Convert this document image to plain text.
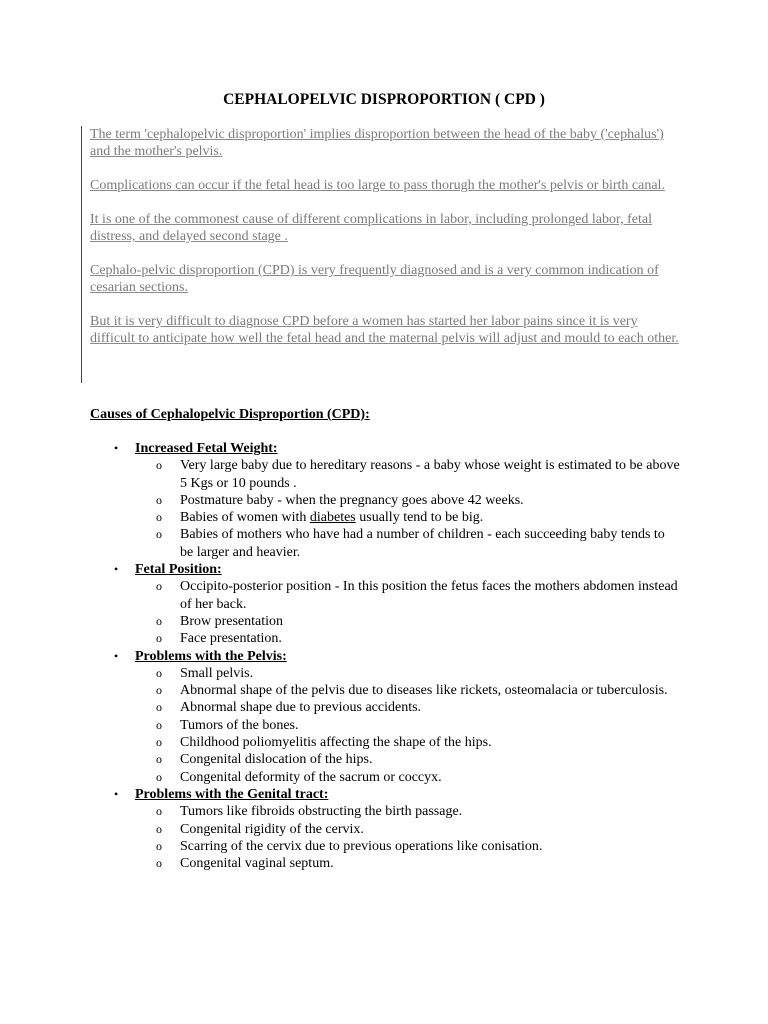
CEPHALOPELVIC DISPROPORTION ( CPD )

The term 'cephalopelvic disproportion' implies disproportion between the head of the baby ('cephalus') and the mother's pelvis.

Complications can occur if the fetal head is too large to pass thorugh the mother's pelvis or birth canal.

It is one of the commonest cause of different complications in labor, including prolonged labor, fetal distress, and delayed second stage .

Cephalo-pelvic disproportion (CPD) is very frequently diagnosed and is a very common indication of cesarian sections.

But it is very difficult to diagnose CPD before a women has started her labor pains since it is very difficult to anticipate how well the fetal head and the maternal pelvis will adjust and mould to each other.

Causes of Cephalopelvic Disproportion (CPD):
• Increased Fetal Weight:
o Very large baby due to hereditary reasons - a baby whose weight is estimated to be above 5 Kgs or 10 pounds .
o Postmature baby - when the pregnancy goes above 42 weeks.
o Babies of women with diabetes usually tend to be big.
o Babies of mothers who have had a number of children - each succeeding baby tends to be larger and heavier.
• Fetal Position:
o Occipito-posterior position - In this position the fetus faces the mothers abdomen instead of her back.
o Brow presentation
o Face presentation.
• Problems with the Pelvis:
o Small pelvis.
o Abnormal shape of the pelvis due to diseases like rickets, osteomalacia or tuberculosis.
o Abnormal shape due to previous accidents.
o Tumors of the bones.
o Childhood poliomyelitis affecting the shape of the hips.
o Congenital dislocation of the hips.
o Congenital deformity of the sacrum or coccyx.
• Problems with the Genital tract:
o Tumors like fibroids obstructing the birth passage.
o Congenital rigidity of the cervix.
o Scarring of the cervix due to previous operations like conisation.
o Congenital vaginal septum.
